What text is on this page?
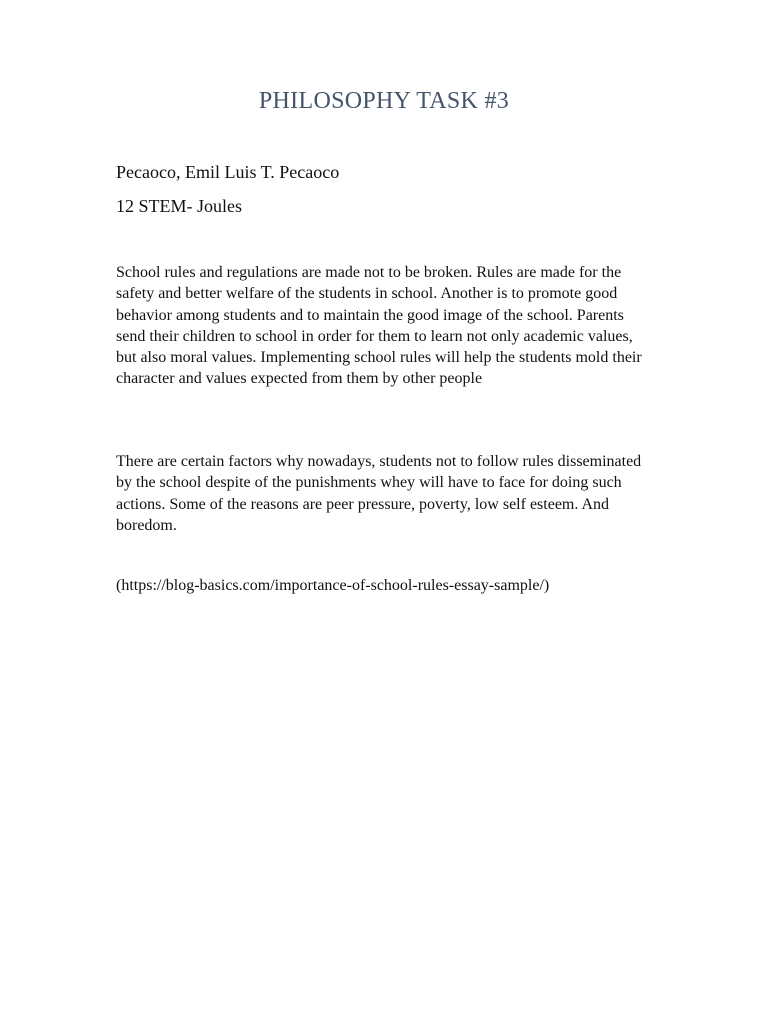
PHILOSOPHY TASK #3

Pecaoco, Emil Luis T. Pecaoco

12 STEM- Joules

School rules and regulations are made not to be broken. Rules are made for the safety and better welfare of the students in school. Another is to promote good behavior among students and to maintain the good image of the school. Parents send their children to school in order for them to learn not only academic values, but also moral values. Implementing school rules will help the students mold their character and values expected from them by other people

There are certain factors why nowadays, students not to follow rules disseminated by the school despite of the punishments whey will have to face for doing such actions. Some of the reasons are peer pressure, poverty, low self esteem. And boredom.

(https://blog-basics.com/importance-of-school-rules-essay-sample/)
